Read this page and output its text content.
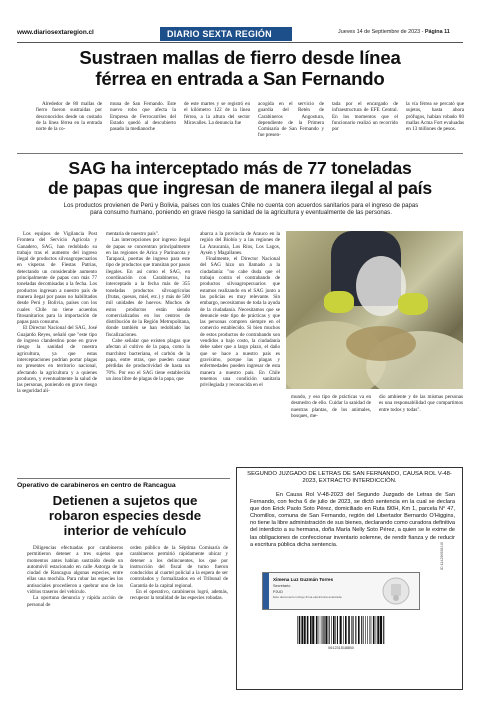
www.diariosextaregion.cl	DIARIO SEXTA REGIÓN	Jueves 14 de Septiembre de 2023 - Página 11
Sustraen mallas de fierro desde línea
férrea en entrada a San Fernando

Alrededor de 80 mallas de fierro fueron sustraídas por desconocidos desde un costado de la línea férrea en la entrada norte de la co-

muna de San Fernando. Este nuevo robo que afecta la Empresa de Ferrocarriles del Estado quedó al descubierto pasado la medianoche

de este martes y se registró en el kilómetro 122 de la línea férrea, a la altura del sector Miravalles. La denuncia fue

acogida en el servicio de guardia del Retén de Carabineros Angostura, dependiente de la Primera Comisaría de San Fernando y fue presen-

tada por el encargado de infraestructura de EFE Central. En los momentos que el funcionario realizó un recorrido por

la vía férrea se percató que sujetos, hasta ahora prófugos, habían robado 80 mallas Acma Fort evaluadas en 13 millones de pesos.

SAG ha interceptado más de 77 toneladas
de papas que ingresan de manera ilegal al país
Los productos provienen de Perú y Bolivia, países con los cuales Chile no cuenta con acuerdos sanitarios para el ingreso de papas para consumo humano, poniendo en grave riesgo la sanidad de la agricultura y eventualmente de las personas.

Los equipos de Vigilancia Post Frontera del Servicio Agrícola y Ganadero, SAG, han redoblado su trabajo tras el aumento del ingreso ilegal de productos silvoagropecuarios en vísperas de Fiestas Patrias, detectando un considerable aumento principalmente de papas con más 77 toneladas decomisadas a la fecha. Los productos ingresan a nuestro país de manera ilegal por pasos no habilitados desde Perú y Bolivia, países con los cuales Chile no tiene acuerdos fitosanitarios para la importación de papas para consumo.

El Director Nacional del SAG, José Guajardo Reyes, señaló que "este tipo de ingreso clandestino pone en grave riesgo la sanidad de nuestra agricultura, ya que estas interceptaciones podrían portar plagas no presentes en territorio nacional, afectando la agricultura y a quienes producen, y eventualmente la salud de las personas, poniendo en grave riesgo la seguridad ali-

mentaria de nuestro país".

Las intercepciones por ingreso ilegal de papas se concentran principalmente en las regiones de Arica y Parinacota y Tarapacá, puertas de ingreso para este tipo de productos que transitan por pasos ilegales. En así como el SAG, en coordinación con Carabineros, ha interceptado a la fecha más de 355 toneladas productos silvoagrícolas (frutas, quesos, miel, etc.) y más de 500 mil unidades de huevos. Muchos de estos productos están siendo comercializados en los centros de distribución de la Región Metropolitana, donde también se han redoblado las fiscalizaciones.

Cabe señalar que existen plagas que afectan al cultivo de la papa, como la marchitez bacteriana, el carbón de la papa, entre otras, que pueden causar pérdidas de productividad de hasta un 70%. Por eso el SAG tiene establecida un área libre de plagas de la papa, que

abarca a la provincia de Arauco en la región del Biobío y a las regiones de La Araucanía, Los Ríos, Los Lagos, Aysén y Magallanes.

Finalmente, el Director Nacional del SAG hizo un llamado a la ciudadanía: "no cabe duda que el trabajo contra el contrabando de productos silvoagropecuarios que estamos realizando en el SAG junto a las policías es muy relevante. Sin embargo, necesitamos de toda la ayuda de la ciudadanía. Necesitamos que se denuncie este tipo de prácticas y que las personas compren siempre en el comercio establecido. Si bien muchos de estos productos de contrabando son vendidos a bajo costo, la ciudadanía debe saber que a largo plazo, el daño que se hace a nuestro país es gravísimo, porque las plagas y enfermedades pueden ingresar de esta manera a nuestro país. En Chile tenemos una condición sanitaria privilegiada y reconocida en el

mundo, y eso tipo de prácticas va en desmedro de ello. Cuidar la sanidad de nuestras plantas, de los animales, bosques, me-

dio ambiente y de las mismas personas es una responsabilidad que compartimos entre todos y todas".

Operativo de carabineros en centro de Rancagua
Detienen a sujetos que robaron especies desde interior de vehículo

Diligencias efectuadas por carabineros permitieron detener a tres sujetos que momentos antes habían sustraído desde un automóvil estacionado en calle Astorga de la ciudad de Rancagua algunas especies, entre ellas una mochila. Para robar las especies los antisociales procedieron a quebrar uno de los vidrios traseros del vehículo.

La oportuna denuncia y rápida acción de personal de

orden público de la Séptima Comisaría de carabineros permitió rápidamente ubicar y detener a los delincuentes, los que por instrucción del fiscal de turno fueron conducidos al cuartel policial a la espera de ser controlados y formalizados en el Tribunal de Garantía de la capital regional.

En el operativo, carabineros logró, además, recuperar la totalidad de las especies robadas.

SEGUNDO JUZGADO DE LETRAS DE SAN FERNANDO, CAUSA ROL V-48-2023, EXTRACTO INTERDICCIÓN.
En Causa Rol V-48-2023 del Segundo Juzgado de Letras de San Fernando, con fecha 6 de julio de 2023, se dictó sentencia en la cual se declara que don Erick Paolo Soto Pérez, domiciliado en Ruta I90H, Km 1, parcela N° 47, Chomillos, comuna de San Fernando, región del Libertador Bernardo O'Higgins, no tiene la libre administración de sus bienes, declarando como curadora definitiva del interdicto a su hermana, doña María Nelly Soto Pérez, a quien se le exime de las obligaciones de confeccionar inventario solemne, de rendir fianza y de reducir a escritura pública dicha sentencia.
Ximena Luz Guzmán Torres
Secretario
PJUD
Este documento incluye firma electrónica avanzada
ID:114290938:U0
0612315188B0
